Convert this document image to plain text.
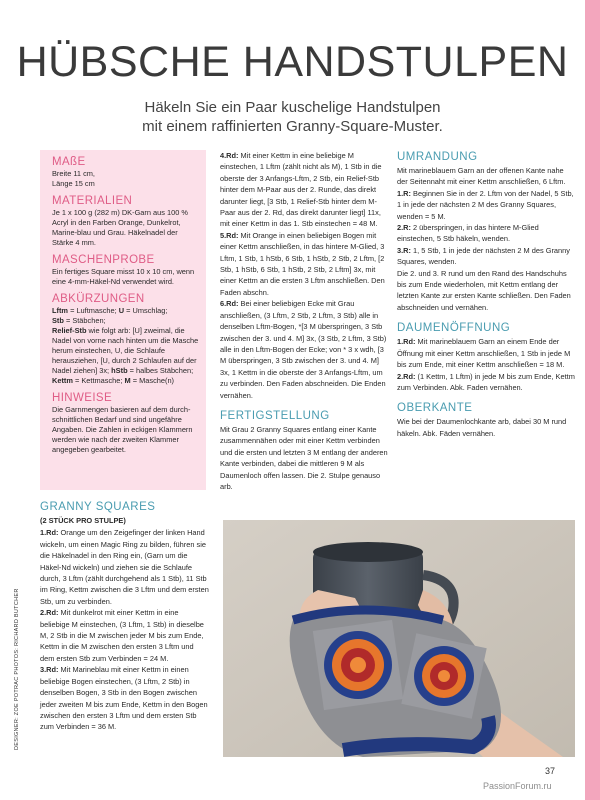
HÜBSCHE HANDSTULPEN
Häkeln Sie ein Paar kuschelige Handstulpen
mit einem raffinierten Granny-Square-Muster.
MAßE

Breite 11 cm,

Länge 15 cm

MATERIALIEN

Je 1 x 100 g (282 m) DK-Garn aus 100 % Acryl in den Farben Orange, Dunkelrot, Marine-blau und Grau. Häkelnadel der Stärke 4 mm.

MASCHENPROBE

Ein fertiges Square misst 10 x 10 cm, wenn eine 4-mm-Häkel-Nd verwendet wird.

ABKÜRZUNGEN

Lftm = Luftmasche; U = Umschlag;

Stb = Stäbchen;

Relief-Stb wie folgt arb: [U] zweimal, die Nadel von vorne nach hinten um die Masche herum einstechen, U, die Schlaufe herausziehen, [U, durch 2 Schlaufen auf der Nadel ziehen] 3x; hStb = halbes Stäbchen;

Kettm = Kettmasche; M = Masche(n)

HINWEISE

Die Garnmengen basieren auf dem durch-schnittlichen Bedarf und sind ungefähre Angaben. Die Zahlen in eckigen Klammern werden wie nach der zweiten Klammer angegeben gearbeitet.

GRANNY SQUARES

(2 STÜCK PRO STULPE)

1.Rd: Orange um den Zeigefinger der linken Hand wickeln, um einen Magic Ring zu bilden, führen sie die Häkelnadel in den Ring ein, (Garn um die Häkel-Nd wickeln) und ziehen sie die Schlaufe durch, 3 Lftm (zählt durchgehend als 1 Stb), 11 Stb im Ring, Kettm zwischen die 3 Lftm und dem ersten Stb, um zu verbinden.

2.Rd: Mit dunkelrot mit einer Kettm in eine beliebige M einstechen, (3 Lftm, 1 Stb) in dieselbe M, 2 Stb in die M zwischen jeder M bis zum Ende, Kettm in die M zwischen den ersten 3 Lftm und dem ersten Stb zum Verbinden = 24 M.

3.Rd: Mit Marineblau mit einer Kettm in einen beliebige Bogen einstechen, (3 Lftm, 2 Stb) in denselben Bogen, 3 Stb in den Bogen zwischen jeder zweiten M bis zum Ende, Kettm in den Bogen zwischen den ersten 3 Lftm und dem ersten Stb zum Verbinden = 36 M.

4.Rd: Mit einer Kettm in eine beliebige M einstechen, 1 Lftm (zählt nicht als M), 1 Stb in die oberste der 3 Anfangs-Lftm, 2 Stb, ein Relief-Stb hinter dem M-Paar aus der 2. Runde, das direkt darunter liegt, [3 Stb, 1 Relief-Stb hinter dem M-Paar aus der 2. Rd, das direkt darunter liegt] 11x, mit einer Kettm in das 1. Stb einstechen = 48 M.

5.Rd: Mit Orange in einen beliebigen Bogen mit einer Kettm anschließen, in das hintere M-Glied, 3 Lftm, 1 Stb, 1 hStb, 6 Stb, 1 hStb, 2 Stb, 2 Lftm, [2 Stb, 1 hStb, 6 Stb, 1 hStb, 2 Stb, 2 Lftm] 3x, mit einer Kettm an die ersten 3 Lftm anschließen. Den Faden abschn.

6.Rd: Bei einer beliebigen Ecke mit Grau anschließen, (3 Lftm, 2 Stb, 2 Lftm, 3 Stb) alle in denselben Lftm-Bogen, *[3 M überspringen, 3 Stb zwischen der 3. und 4. M] 3x, (3 Stb, 2 Lftm, 3 Stb) alle in den Lftm-Bogen der Ecke; von * 3 x wdh, [3 M überspringen, 3 Stb zwischen der 3. und 4. M] 3x, 1 Kettm in die oberste der 3 Anfangs-Lftm, um zu verbinden. Den Faden abschneiden. Die Enden vernähen.

FERTIGSTELLUNG

Mit Grau 2 Granny Squares entlang einer Kante zusammennähen oder mit einer Kettm verbinden und die ersten und letzten 3 M entlang der anderen Kante verbinden, dabei die mittleren 9 M als Daumenloch offen lassen. Die 2. Stulpe genauso arb.

UMRANDUNG

Mit marineblauem Garn an der offenen Kante nahe der Seitennaht mit einer Kettm anschließen, 6 Lftm.

1.R: Beginnen Sie in der 2. Lftm von der Nadel, 5 Stb, 1 in jede der nächsten 2 M des Granny Squares, wenden = 5 M.

2.R: 2 überspringen, in das hintere M-Glied einstechen, 5 Stb häkeln, wenden.

3.R: 1, 5 Stb, 1 in jede der nächsten 2 M des Granny Squares, wenden.

Die 2. und 3. R rund um den Rand des Handschuhs bis zum Ende wiederholen, mit Kettm entlang der letzten Kante zur ersten Kante schließen. Den Faden abschneiden und vernähen.

DAUMENÖFFNUNG

1.Rd: Mit marineblauem Garn an einem Ende der Öffnung mit einer Kettm anschließen, 1 Stb in jede M bis zum Ende, mit einer Kettm anschließen = 18 M.

2.Rd: (1 Kettm, 1 Lftm) in jede M bis zum Ende, Kettm zum Verbinden. Abk. Faden vernähen.

OBERKANTE

Wie bei der Daumenlochkante arb, dabei 30 M rund häkeln. Abk. Fäden vernähen.

DESIGNER: ZOE POTRAC PHOTOS: RICHARD BUTCHER
37
PassionForum.ru
